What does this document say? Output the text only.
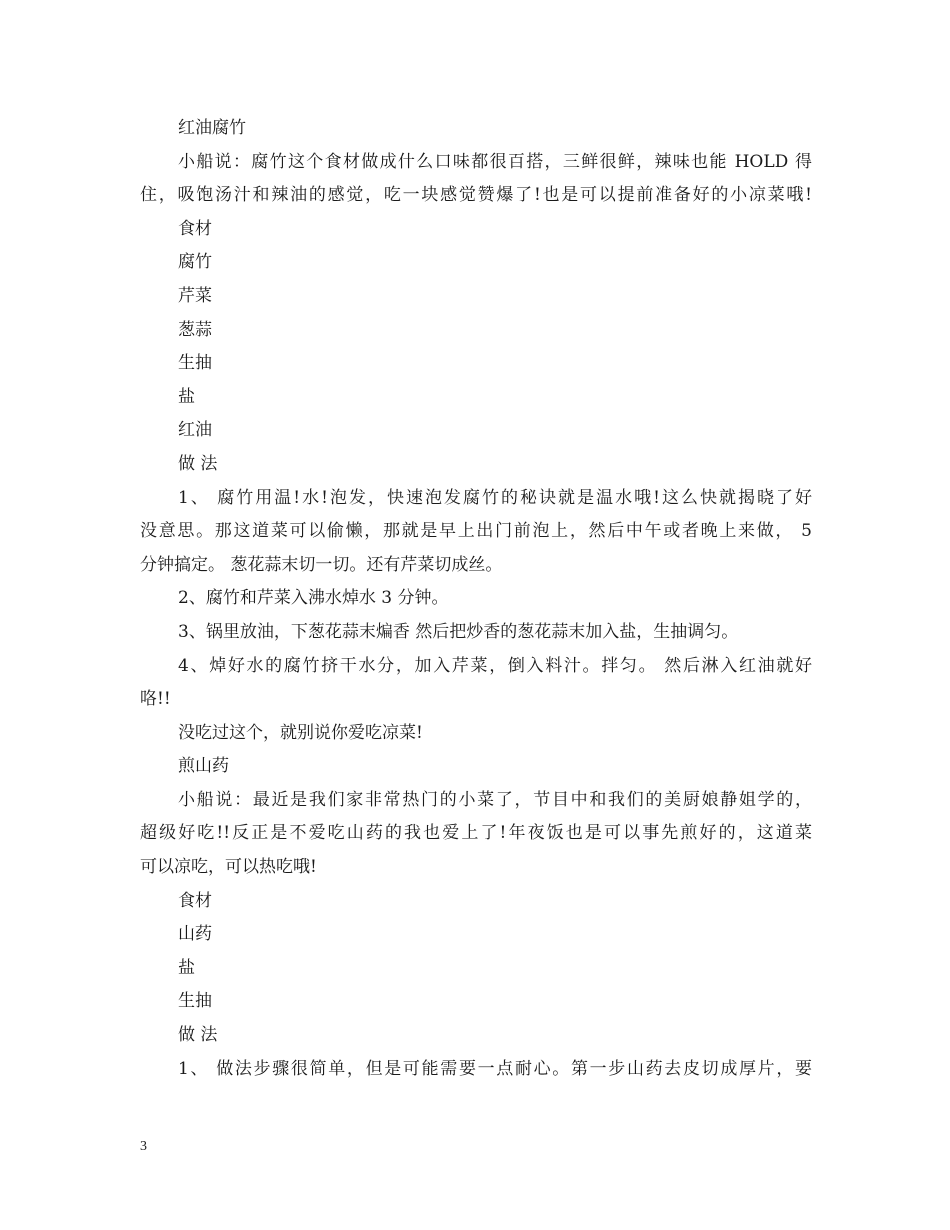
红油腐竹
小船说：腐竹这个食材做成什么口味都很百搭，三鲜很鲜，辣味也能 HOLD 得
住，吸饱汤汁和辣油的感觉，吃一块感觉赞爆了!也是可以提前准备好的小凉菜哦!
食材
腐竹
芹菜
葱蒜
生抽
盐
红油
做 法
1、 腐竹用温!水!泡发，快速泡发腐竹的秘诀就是温水哦!这么快就揭晓了好
没意思。那这道菜可以偷懒，那就是早上出门前泡上，然后中午或者晚上来做， 5
分钟搞定。 葱花蒜末切一切。还有芹菜切成丝。
2、腐竹和芹菜入沸水焯水 3 分钟。
3、锅里放油，下葱花蒜末煸香 然后把炒香的葱花蒜末加入盐，生抽调匀。
4、焯好水的腐竹挤干水分，加入芹菜，倒入料汁。拌匀。 然后淋入红油就好
咯!!
没吃过这个，就别说你爱吃凉菜!
煎山药
小船说：最近是我们家非常热门的小菜了，节目中和我们的美厨娘静姐学的，
超级好吃!!反正是不爱吃山药的我也爱上了!年夜饭也是可以事先煎好的，这道菜
可以凉吃，可以热吃哦!
食材
山药
盐
生抽
做 法
1、 做法步骤很简单，但是可能需要一点耐心。第一步山药去皮切成厚片，要
3
